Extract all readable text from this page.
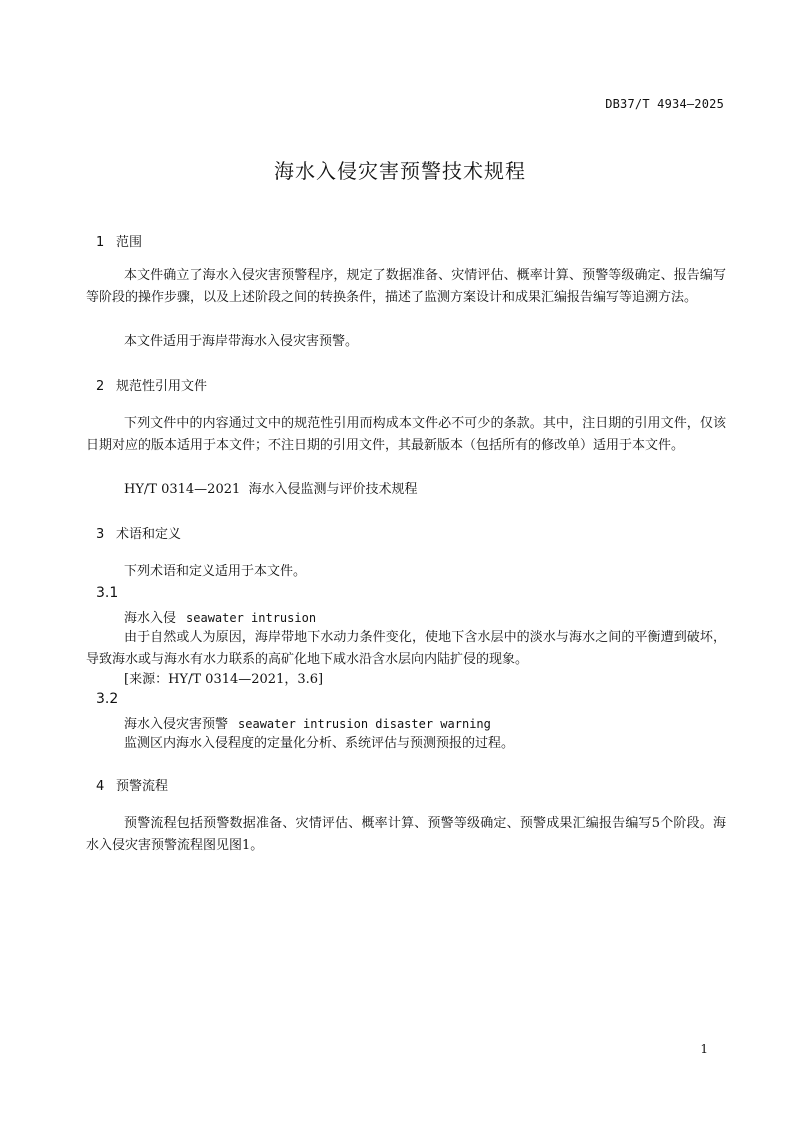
DB37/T 4934—2025
海水入侵灾害预警技术规程
1 范围
本文件确立了海水入侵灾害预警程序，规定了数据准备、灾情评估、概率计算、预警等级确定、报告编写等阶段的操作步骤，以及上述阶段之间的转换条件，描述了监测方案设计和成果汇编报告编写等追溯方法。
本文件适用于海岸带海水入侵灾害预警。
2 规范性引用文件
下列文件中的内容通过文中的规范性引用而构成本文件必不可少的条款。其中，注日期的引用文件，仅该日期对应的版本适用于本文件；不注日期的引用文件，其最新版本（包括所有的修改单）适用于本文件。
HY/T 0314—2021  海水入侵监测与评价技术规程
3 术语和定义
下列术语和定义适用于本文件。
3.1
海水入侵 seawater intrusion
由于自然或人为原因，海岸带地下水动力条件变化，使地下含水层中的淡水与海水之间的平衡遭到破坏，导致海水或与海水有水力联系的高矿化地下咸水沿含水层向内陆扩侵的现象。
[来源：HY/T 0314—2021，3.6]
3.2
海水入侵灾害预警 seawater intrusion disaster warning
监测区内海水入侵程度的定量化分析、系统评估与预测预报的过程。
4 预警流程
预警流程包括预警数据准备、灾情评估、概率计算、预警等级确定、预警成果汇编报告编写5个阶段。海水入侵灾害预警流程图见图1。
1
